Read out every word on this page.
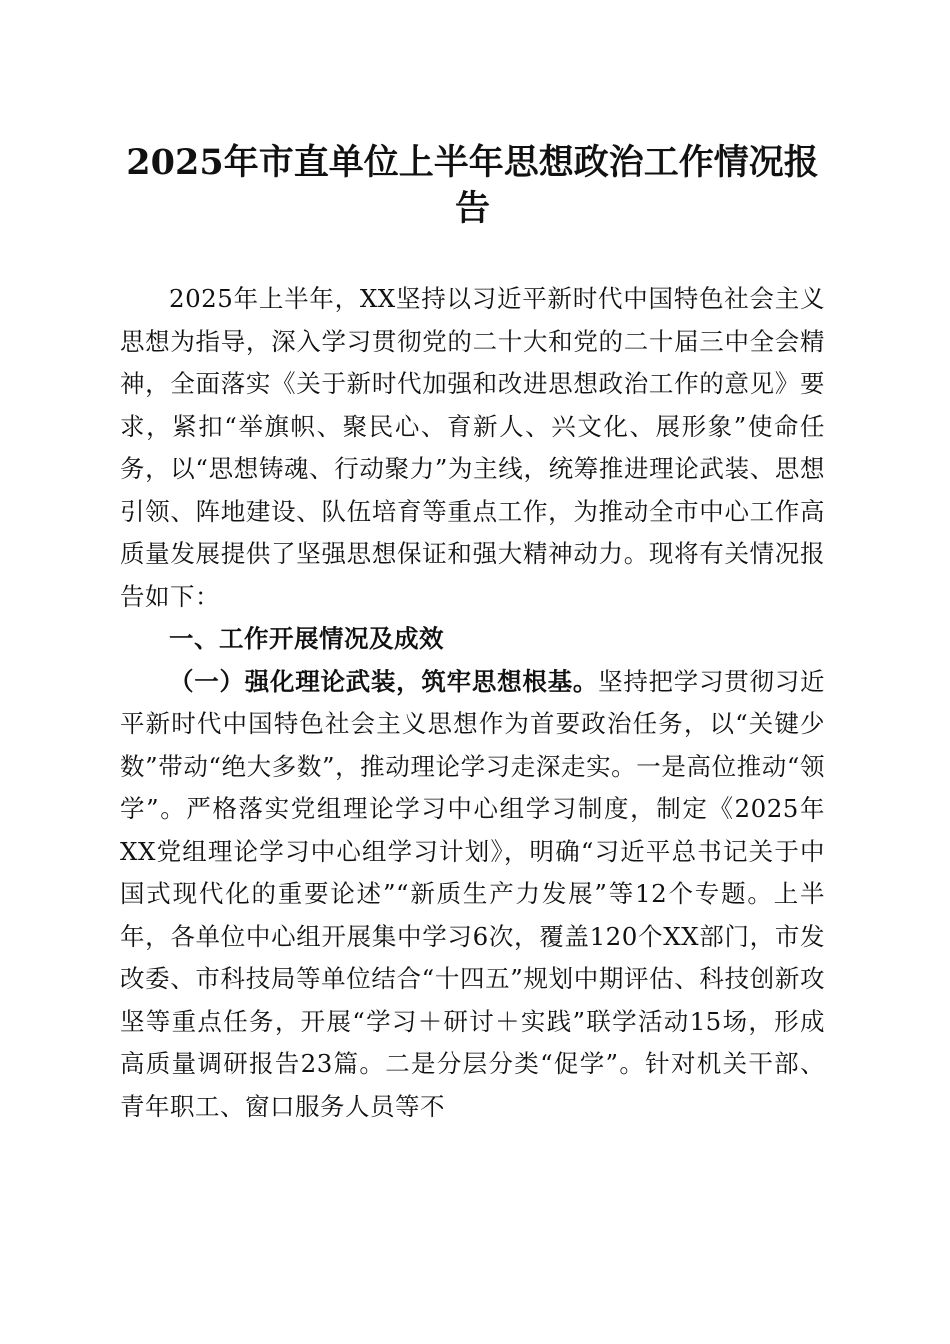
2025年市直单位上半年思想政治工作情况报告

2025年上半年，XX坚持以习近平新时代中国特色社会主义思想为指导，深入学习贯彻党的二十大和党的二十届三中全会精神，全面落实《关于新时代加强和改进思想政治工作的意见》要求，紧扣“举旗帜、聚民心、育新人、兴文化、展形象”使命任务，以“思想铸魂、行动聚力”为主线，统筹推进理论武装、思想引领、阵地建设、队伍培育等重点工作，为推动全市中心工作高质量发展提供了坚强思想保证和强大精神动力。现将有关情况报告如下：

一、工作开展情况及成效

（一）强化理论武装，筑牢思想根基。坚持把学习贯彻习近平新时代中国特色社会主义思想作为首要政治任务，以“关键少数”带动“绝大多数”，推动理论学习走深走实。一是高位推动“领学”。严格落实党组理论学习中心组学习制度，制定《2025年XX党组理论学习中心组学习计划》，明确“习近平总书记关于中国式现代化的重要论述”“新质生产力发展”等12个专题。上半年，各单位中心组开展集中学习6次，覆盖120个XX部门，市发改委、市科技局等单位结合“十四五”规划中期评估、科技创新攻坚等重点任务，开展“学习＋研讨＋实践”联学活动15场，形成高质量调研报告23篇。二是分层分类“促学”。针对机关干部、青年职工、窗口服务人员等不
